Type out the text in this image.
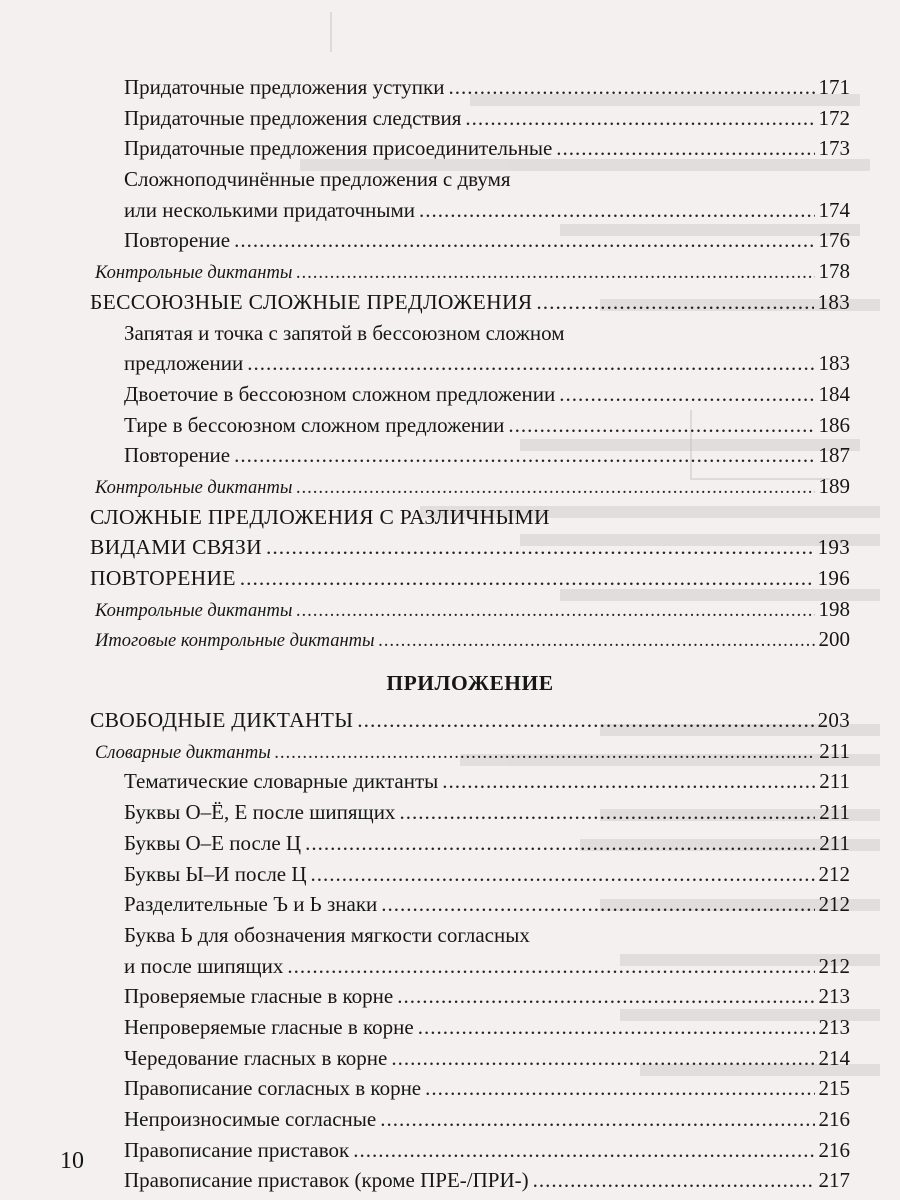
Придаточные предложения уступки .....	171
Придаточные предложения следствия .....	172
Придаточные предложения присоединительные .....	173
Сложноподчинённые предложения с двумя
или несколькими придаточными .....	174
Повторение .....	176
Контрольные диктанты .....	178
БЕССОЮЗНЫЕ СЛОЖНЫЕ ПРЕДЛОЖЕНИЯ .....	183
Запятая и точка с запятой в бессоюзном сложном
предложении .....	183
Двоеточие в бессоюзном сложном предложении .....	184
Тире в бессоюзном сложном предложении .....	186
Повторение .....	187
Контрольные диктанты .....	189
СЛОЖНЫЕ ПРЕДЛОЖЕНИЯ С РАЗЛИЧНЫМИ
ВИДАМИ СВЯЗИ .....	193
ПОВТОРЕНИЕ .....	196
Контрольные диктанты .....	198
Итоговые контрольные диктанты .....	200
ПРИЛОЖЕНИЕ
СВОБОДНЫЕ ДИКТАНТЫ .....	203
Словарные диктанты .....	211
Тематические словарные диктанты .....	211
Буквы О–Ё, Е после шипящих .....	211
Буквы О–Е после Ц .....	211
Буквы Ы–И после Ц .....	212
Разделительные Ъ и Ь знаки .....	212
Буква Ь для обозначения мягкости согласных
и после шипящих .....	212
Проверяемые гласные в корне .....	213
Непроверяемые гласные в корне .....	213
Чередование гласных в корне .....	214
Правописание согласных в корне .....	215
Непроизносимые согласные .....	216
Правописание приставок .....	216
Правописание приставок (кроме ПРЕ-/ПРИ-) .....	217
10
